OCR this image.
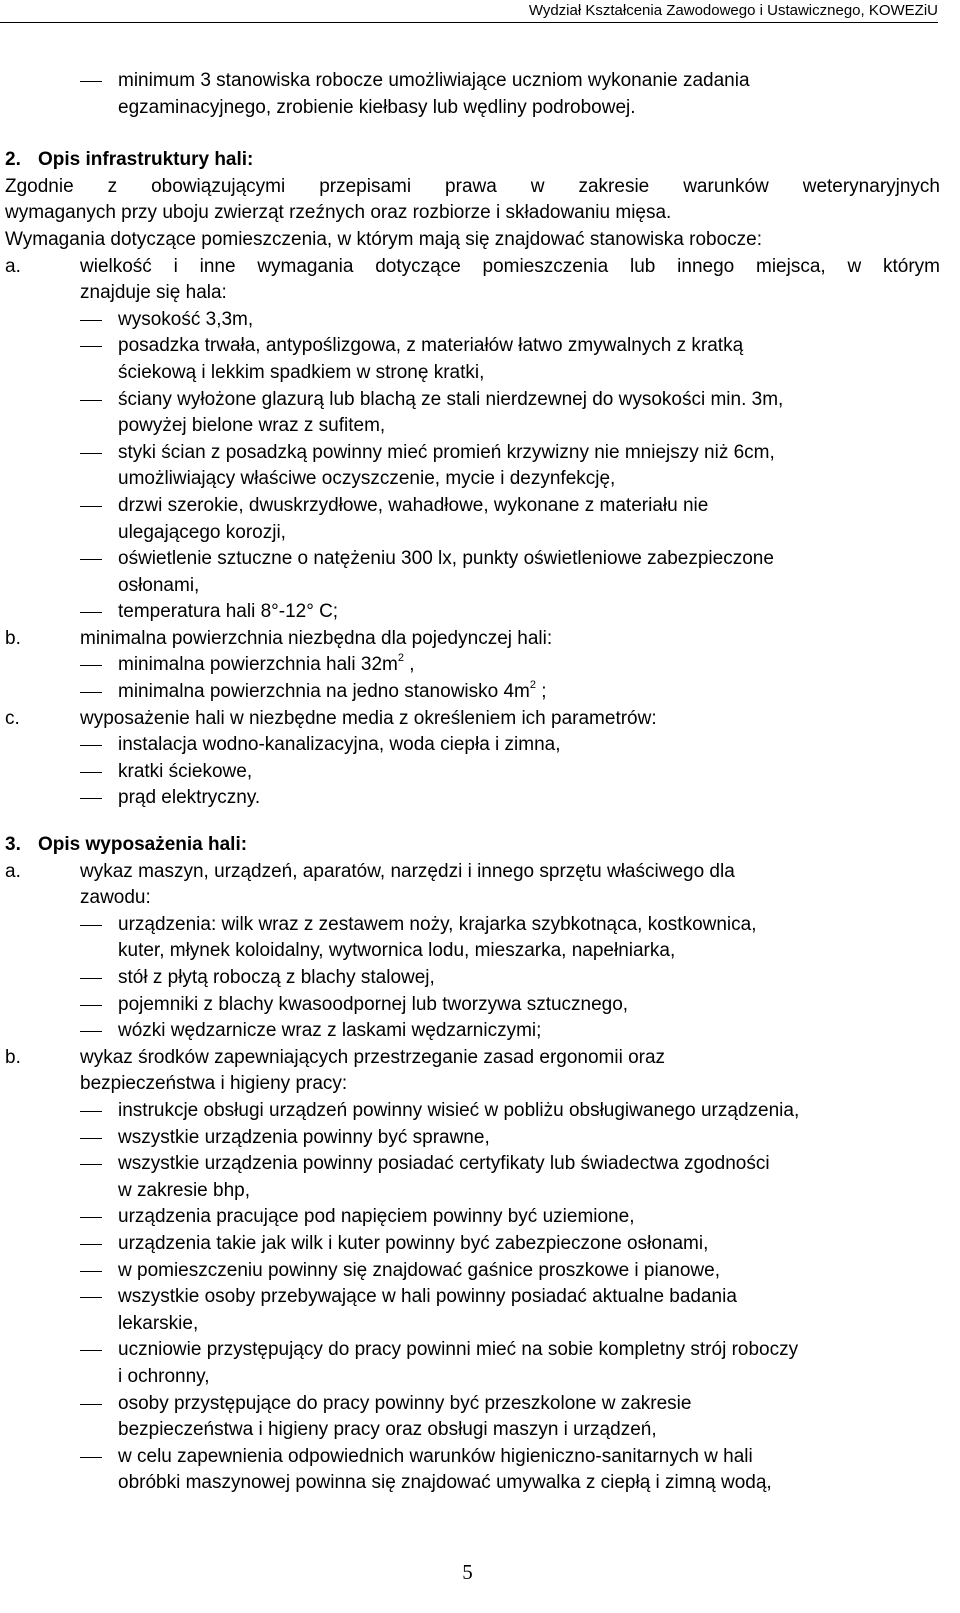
Wydział Kształcenia Zawodowego i Ustawicznego, KOWEZiU
minimum 3 stanowiska robocze umożliwiające uczniom wykonanie zadania
egzaminacyjnego, zrobienie kiełbasy lub wędliny podrobowej.
2. Opis infrastruktury hali:
Zgodnie z obowiązującymi przepisami prawa w zakresie warunków weterynaryjnych
wymaganych przy uboju zwierząt rzeźnych oraz rozbiorze i składowaniu mięsa.
Wymagania dotyczące pomieszczenia, w którym mają się znajdować stanowiska robocze:
a.	wielkość i inne wymagania dotyczące pomieszczenia lub innego miejsca, w którym
znajduje się hala:
wysokość 3,3m,
posadzka trwała, antypoślizgowa, z materiałów łatwo zmywalnych z kratką
ściekową i lekkim spadkiem w stronę kratki,
ściany wyłożone glazurą lub blachą ze stali nierdzewnej do wysokości min. 3m,
powyżej bielone wraz z sufitem,
styki ścian z posadzką powinny mieć promień krzywizny nie mniejszy niż 6cm,
umożliwiający właściwe oczyszczenie, mycie i dezynfekcję,
drzwi szerokie, dwuskrzydłowe, wahadłowe, wykonane z materiału nie
ulegającego korozji,
oświetlenie sztuczne o natężeniu 300 lx, punkty oświetleniowe zabezpieczone
osłonami,
temperatura hali 8°-12° C;
b.	minimalna powierzchnia niezbędna dla pojedynczej hali:
minimalna powierzchnia hali $32m^2$ ,
minimalna powierzchnia na jedno stanowisko $4m^2$ ;
c.	wyposażenie hali w niezbędne media z określeniem ich parametrów:
instalacja wodno-kanalizacyjna, woda ciepła i zimna,
kratki ściekowe,
prąd elektryczny.
3. Opis wyposażenia hali:
a.	wykaz maszyn, urządzeń, aparatów, narzędzi i innego sprzętu właściwego dla
zawodu:
urządzenia: wilk wraz z zestawem noży, krajarka szybkotnąca, kostkownica,
kuter, młynek koloidalny, wytwornica lodu, mieszarka, napełniarka,
stół z płytą roboczą z blachy stalowej,
pojemniki z blachy kwasoodpornej lub tworzywa sztucznego,
wózki wędzarnicze wraz z laskami wędzarniczymi;
b.	wykaz środków zapewniających przestrzeganie zasad ergonomii oraz
bezpieczeństwa i higieny pracy:
instrukcje obsługi urządzeń powinny wisieć w pobliżu obsługiwanego urządzenia,
wszystkie urządzenia powinny być sprawne,
wszystkie urządzenia powinny posiadać certyfikaty lub świadectwa zgodności
w zakresie bhp,
urządzenia pracujące pod napięciem powinny być uziemione,
urządzenia takie jak wilk i kuter powinny być zabezpieczone osłonami,
w pomieszczeniu powinny się znajdować gaśnice proszkowe i pianowe,
wszystkie osoby przebywające w hali powinny posiadać aktualne badania
lekarskie,
uczniowie przystępujący do pracy powinni mieć na sobie kompletny strój roboczy
i ochronny,
osoby przystępujące do pracy powinny być przeszkolone w zakresie
bezpieczeństwa i higieny pracy oraz obsługi maszyn i urządzeń,
w celu zapewnienia odpowiednich warunków higieniczno-sanitarnych w hali
obróbki maszynowej powinna się znajdować umywalka z ciepłą i zimną wodą,
5
